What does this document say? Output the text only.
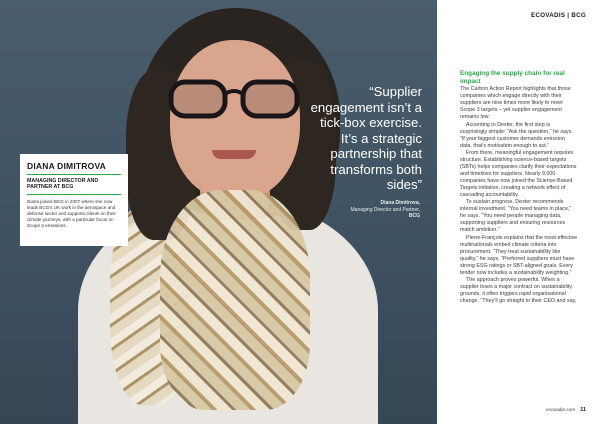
“Supplier engagement isn’t a tick-box exercise. It’s a strategic partnership that transforms both sides”
Diana Dimitrova,
Managing Director and Partner,
BCG
DIANA DIMITROVA
MANAGING DIRECTOR AND PARTNER AT BCG
Diana joined BCG in 2007 where she now leads BCG’s UK work in the aerospace and defense sector and supports clients on their climate journeys, with a particular focus on Scope 3 emissions.
ECOVADIS | BCG
Engaging the supply chain for real impact

The Carbon Action Report highlights that those companies which engage directly with their suppliers are nine times more likely to meet Scope 3 targets – yet supplier engagement remains low.

According to Dexter, the first step is surprisingly simple: “Ask the question,” he says. “If your biggest customer demands emission data, that’s motivation enough to act.”

From there, meaningful engagement requires structure. Establishing science-based targets (SBTs) helps companies clarify their expectations and timelines for suppliers. Nearly 9,000 companies have now joined the Science-Based Targets initiative, creating a network effect of cascading accountability.

To sustain progress, Dexter recommends internal investment. “You need teams in place,” he says. “You need people managing data, supporting suppliers and ensuring resources match ambition.”

Pierre-François explains that the most effective multinationals embed climate criteria into procurement. “They treat sustainability like quality,” he says. “Preferred suppliers must have strong ESG ratings or SBT-aligned goals. Every tender now includes a sustainability weighting.”

The approach proves powerful. When a supplier loses a major contract on sustainability grounds, it often triggers rapid organisational change. “They’ll go straight to their CEO and say,

ecovadis.com 11
